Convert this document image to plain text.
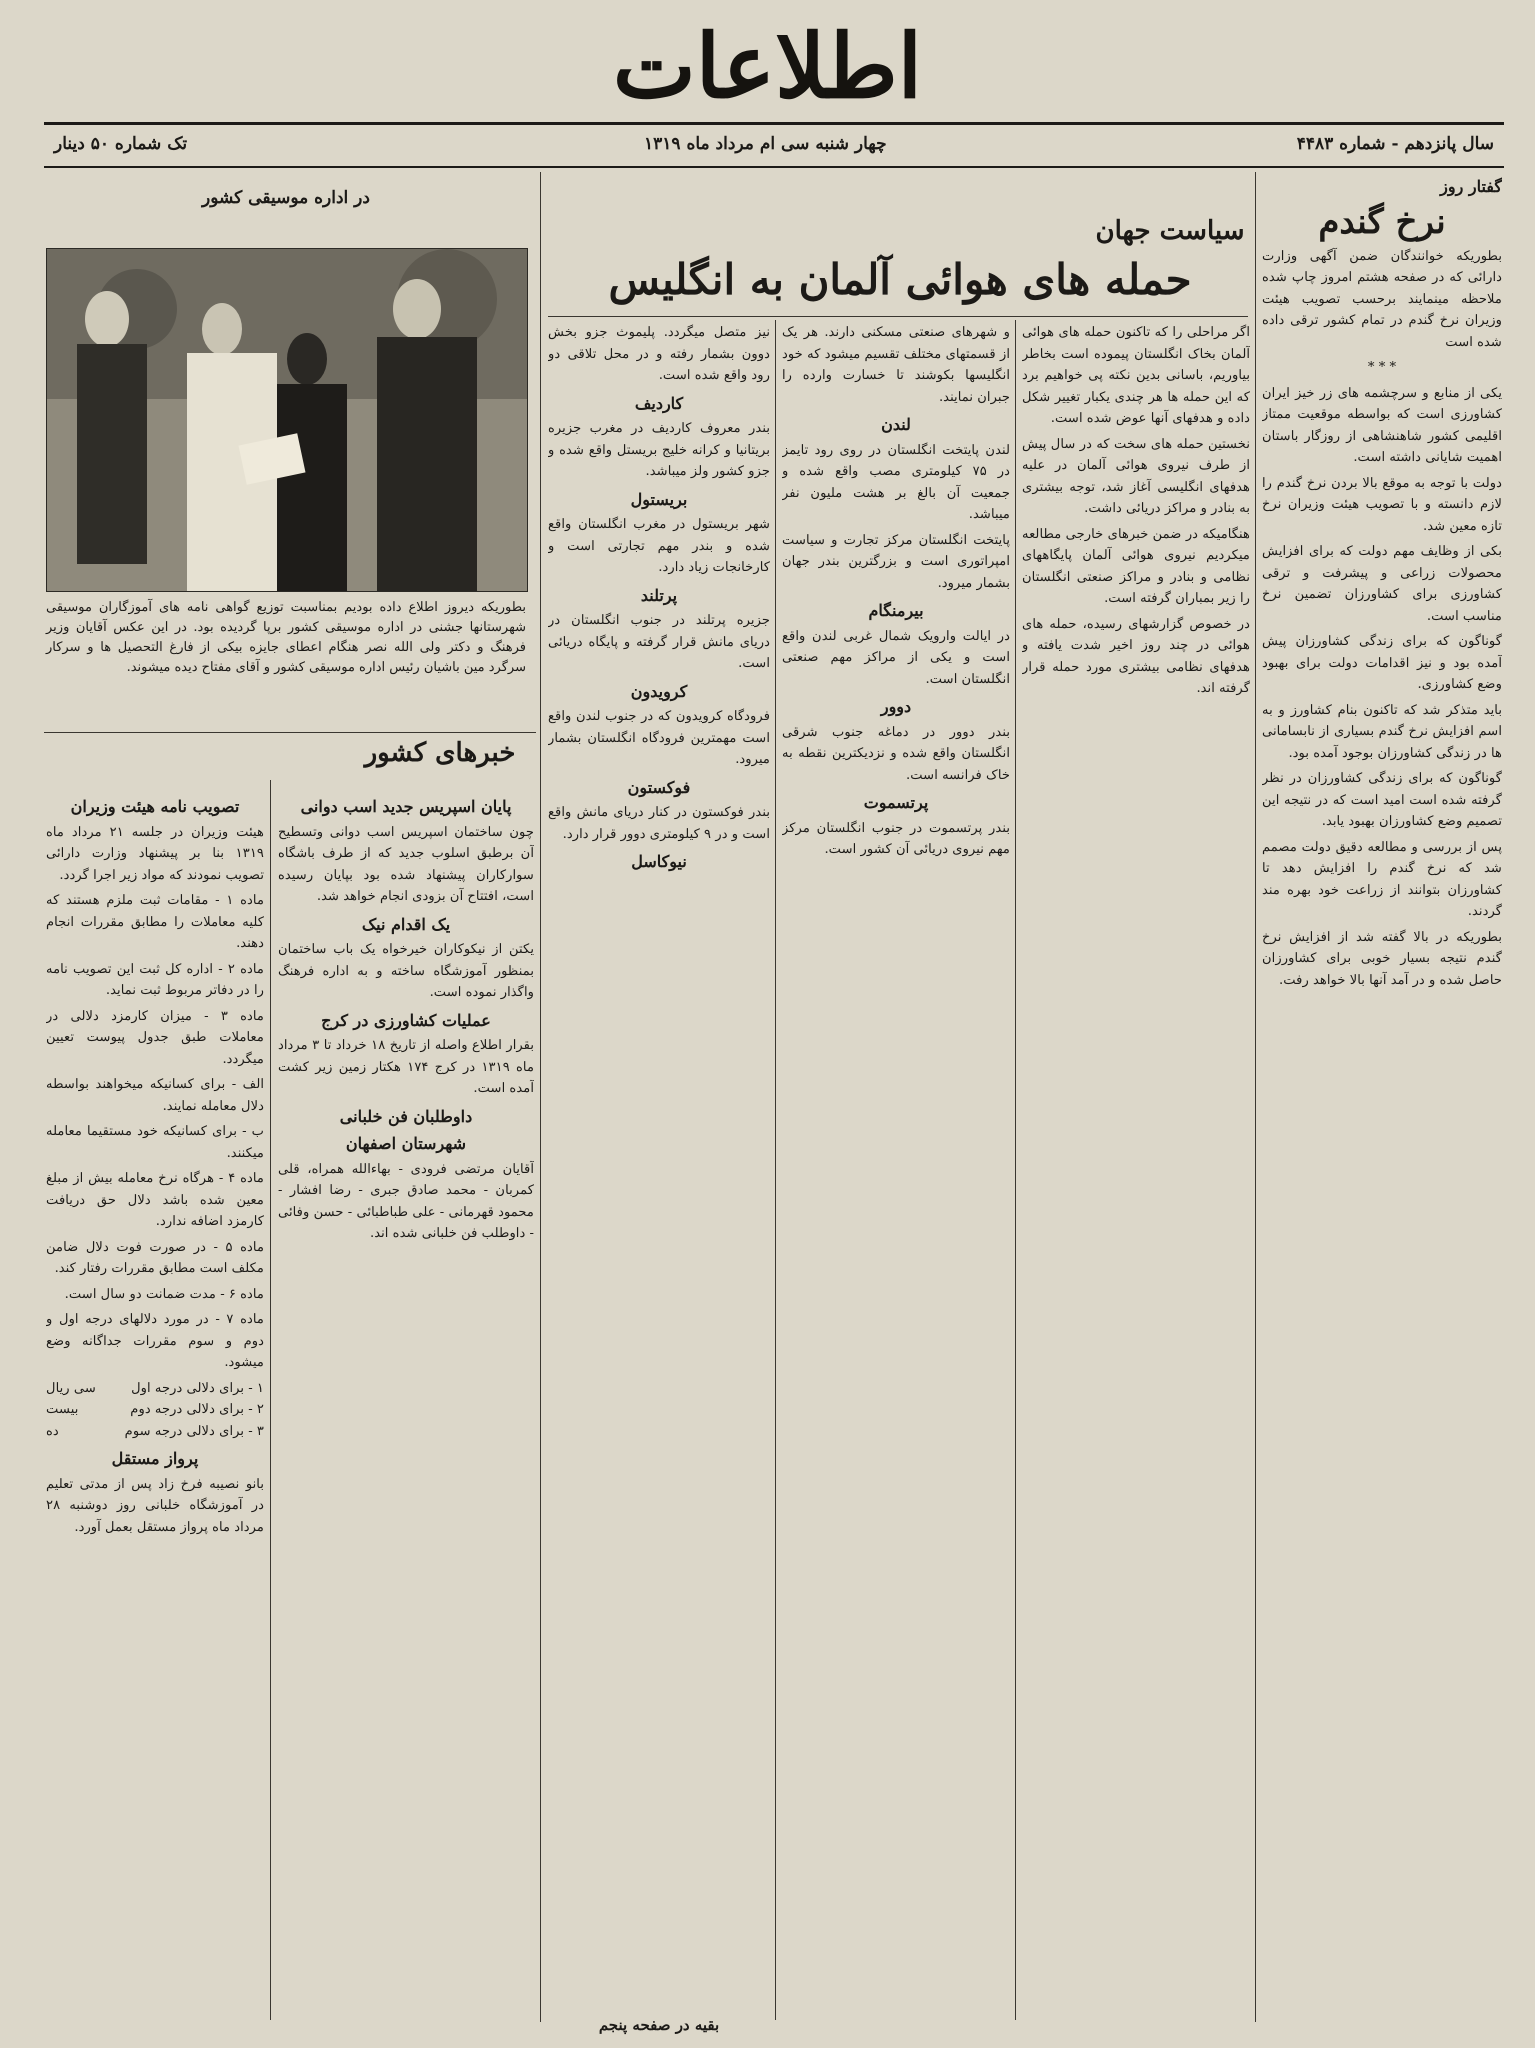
اطلاعات
تک شماره ۵۰ دینار	چهار شنبه سی ام مرداد ماه ۱۳۱۹	سال پانزدهم - شماره ۴۴۸۳
گفتار روز
نرخ گندم

بطوریکه خوانندگان ضمن آگهی وزارت دارائی که در صفحه هشتم امروز چاپ شده ملاحظه مینمایند برحسب تصویب هیئت وزیران نرخ گندم در تمام کشور ترقی داده شده است

* * *

یکی از منابع و سرچشمه های زر خیز ایران کشاورزی است که بواسطه موقعیت ممتاز اقلیمی کشور شاهنشاهی از روزگار باستان اهمیت شایانی داشته است.

دولت با توجه به موقع بالا بردن نرخ گندم را لازم دانسته و با تصویب هیئت وزیران نرخ تازه معین شد.

بکی از وظایف مهم دولت که برای افزایش محصولات زراعی و پیشرفت و ترقی کشاورزی برای کشاورزان تضمین نرخ مناسب است.

گوناگون که برای زندگی کشاورزان پیش آمده بود و نیز اقدامات دولت برای بهبود وضع کشاورزی.

باید متذکر شد که تاکنون بنام کشاورز و به اسم افزایش نرخ گندم بسیاری از نابسامانی ها در زندگی کشاورزان بوجود آمده بود.

گوناگون که برای زندگی کشاورزان در نظر گرفته شده است امید است که در نتیجه این تصمیم وضع کشاورزان بهبود یابد.

پس از بررسی و مطالعه دقیق دولت مصمم شد که نرخ گندم را افزایش دهد تا کشاورزان بتوانند از زراعت خود بهره مند گردند.

بطوریکه در بالا گفته شد از افزایش نرخ گندم نتیجه بسیار خوبی برای کشاورزان حاصل شده و در آمد آنها بالا خواهد رفت.

سیاست جهان
حمله های هوائی آلمان به انگلیس

اگر مراحلی را که تاکنون حمله های هوائی آلمان بخاک انگلستان پیموده است بخاطر بیاوریم، باسانی بدین نکته پی خواهیم برد که این حمله ها هر چندی یکبار تغییر شکل داده و هدفهای آنها عوض شده است.

نخستین حمله های سخت که در سال پیش از طرف نیروی هوائی آلمان در علیه هدفهای انگلیسی آغاز شد، توجه بیشتری به بنادر و مراکز دریائی داشت.

هنگامیکه در ضمن خبرهای خارجی مطالعه میکردیم نیروی هوائی آلمان پایگاههای نظامی و بنادر و مراکز صنعتی انگلستان را زیر بمباران گرفته است.

در خصوص گزارشهای رسیده، حمله های هوائی در چند روز اخیر شدت یافته و هدفهای نظامی بیشتری مورد حمله قرار گرفته اند.

و شهرهای صنعتی مسکنی دارند. هر یک از قسمتهای مختلف تقسیم میشود که خود انگلیسها بکوشند تا خسارت وارده را جبران نمایند.

لندن

لندن پایتخت انگلستان در روی رود تایمز در ۷۵ کیلومتری مصب واقع شده و جمعیت آن بالغ بر هشت ملیون نفر میباشد.

پایتخت انگلستان مرکز تجارت و سیاست امپراتوری است و بزرگترین بندر جهان بشمار میرود.

بیرمنگام

در ایالت وارویک شمال غربی لندن واقع است و یکی از مراکز مهم صنعتی انگلستان است.

دوور

بندر دوور در دماغه جنوب شرقی انگلستان واقع شده و نزدیکترین نقطه به خاک فرانسه است.

پرتسموت

بندر پرتسموت در جنوب انگلستان مرکز مهم نیروی دریائی آن کشور است.

نیز متصل میگردد. پلیموث جزو بخش دوون بشمار رفته و در محل تلاقی دو رود واقع شده است.

کاردیف

بندر معروف کاردیف در مغرب جزیره بریتانیا و کرانه خلیج بریستل واقع شده و جزو کشور ولز میباشد.

بریستول

شهر بریستول در مغرب انگلستان واقع شده و بندر مهم تجارتی است و کارخانجات زیاد دارد.

پرتلند

جزیره پرتلند در جنوب انگلستان در دریای مانش قرار گرفته و پایگاه دریائی است.

کرویدون

فرودگاه کرویدون که در جنوب لندن واقع است مهمترین فرودگاه انگلستان بشمار میرود.

فوکستون

بندر فوکستون در کنار دریای مانش واقع است و در ۹ کیلومتری دوور قرار دارد.

نیوکاسل
بقیه در صفحه پنجم
در اداره موسیقی کشور
بطوریکه دیروز اطلاع داده بودیم بمناسبت توزیع گواهی نامه های آموزگاران موسیقی شهرستانها جشنی در اداره موسیقی کشور برپا گردیده بود. در این عکس آقایان وزیر فرهنگ و دکتر ولی الله نصر هنگام اعطای جایزه بیکی از فارغ التحصیل ها و سرکار سرگرد مین باشیان رئیس اداره موسیقی کشور و آقای مفتاح دیده میشوند.
خبرهای کشور
پایان اسپریس جدید اسب دوانی

چون ساختمان اسپریس اسب دوانی وتسطیح آن برطبق اسلوب جدید که از طرف باشگاه سوارکاران پیشنهاد شده بود بپایان رسیده است، افتتاح آن بزودی انجام خواهد شد.

یک اقدام نیک

یکتن از نیکوکاران خیرخواه یک باب ساختمان بمنظور آموزشگاه ساخته و به اداره فرهنگ واگذار نموده است.

عملیات کشاورزی در کرج

بقرار اطلاع واصله از تاریخ ۱۸ خرداد تا ۳ مرداد ماه ۱۳۱۹ در کرج ۱۷۴ هکتار زمین زیر کشت آمده است.

داوطلبان فن خلبانی
شهرستان اصفهان

آقایان مرتضی فرودی - بهاءالله همراه، قلی کمربان - محمد صادق جبری - رضا افشار - محمود قهرمانی - علی طباطبائی - حسن وفائی - داوطلب فن خلبانی شده اند.

تصویب نامه هیئت وزیران

هیئت وزیران در جلسه ۲۱ مرداد ماه ۱۳۱۹ بنا بر پیشنهاد وزارت دارائی تصویب نمودند که مواد زیر اجرا گردد.

ماده ۱ - مقامات ثبت ملزم هستند که کلیه معاملات را مطابق مقررات انجام دهند.

ماده ۲ - اداره کل ثبت این تصویب نامه را در دفاتر مربوط ثبت نماید.

ماده ۳ - میزان کارمزد دلالی در معاملات طبق جدول پیوست تعیین میگردد.

الف - برای کسانیکه میخواهند بواسطه دلال معامله نمایند.

ب - برای کسانیکه خود مستقیما معامله میکنند.

ماده ۴ - هرگاه نرخ معامله بیش از مبلغ معین شده باشد دلال حق دریافت کارمزد اضافه ندارد.

ماده ۵ - در صورت فوت دلال ضامن مکلف است مطابق مقررات رفتار کند.

ماده ۶ - مدت ضمانت دو سال است.

ماده ۷ - در مورد دلالهای درجه اول و دوم و سوم مقررات جداگانه وضع میشود.

۱ - برای دلالی درجه اول
سی ریال
۲ - برای دلالی درجه دوم
بیست
۳ - برای دلالی درجه سوم
ده
پرواز مستقل

بانو نصیبه فرخ زاد پس از مدتی تعلیم در آموزشگاه خلبانی روز دوشنبه ۲۸ مرداد ماه پرواز مستقل بعمل آورد.
